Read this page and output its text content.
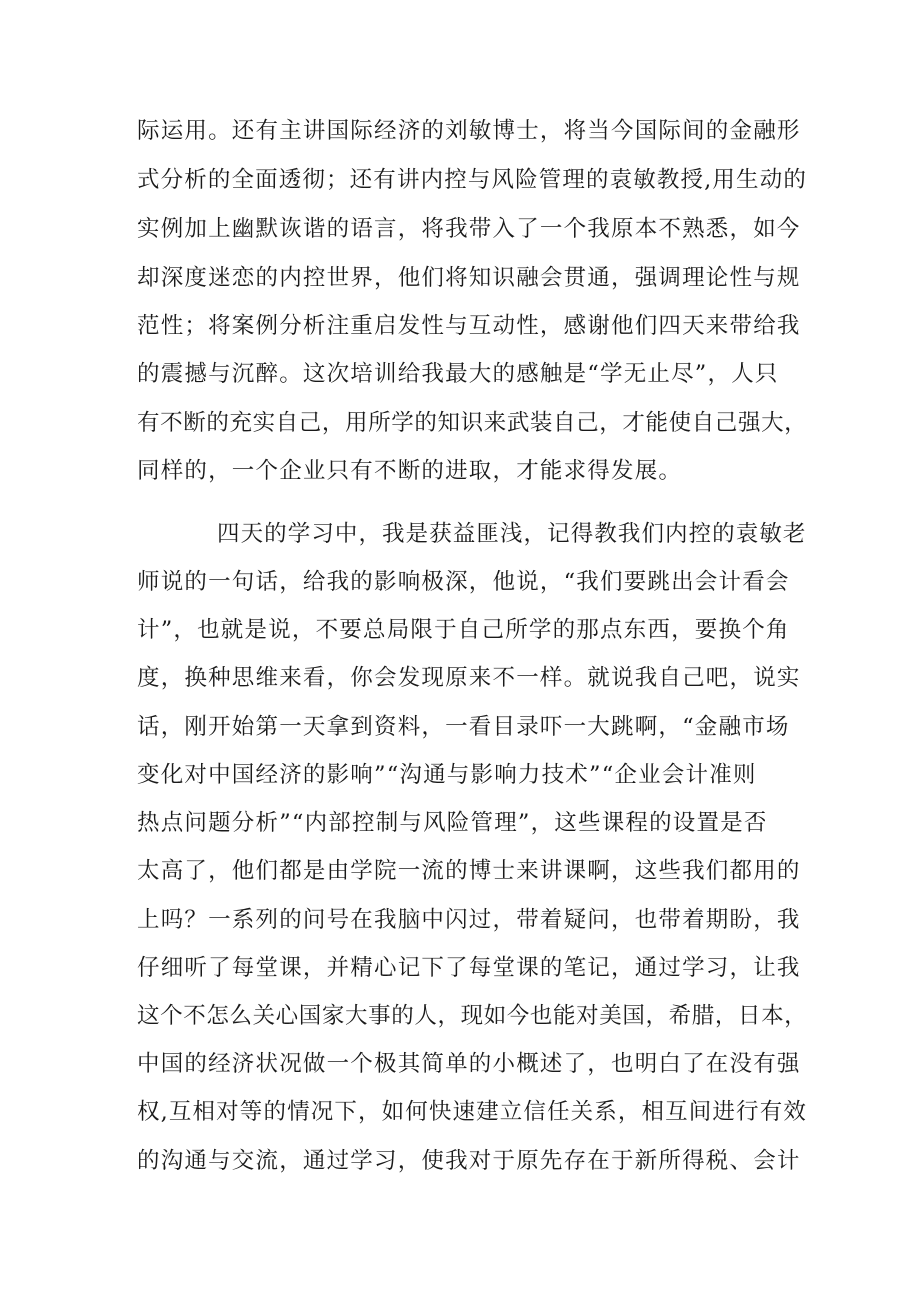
际运用。还有主讲国际经济的刘敏博士，将当今国际间的金融形
式分析的全面透彻；还有讲内控与风险管理的袁敏教授,用生动的
实例加上幽默诙谐的语言，将我带入了一个我原本不熟悉，如今
却深度迷恋的内控世界，他们将知识融会贯通，强调理论性与规
范性；将案例分析注重启发性与互动性，感谢他们四天来带给我
的震撼与沉醉。这次培训给我最大的感触是“学无止尽”，人只
有不断的充实自己，用所学的知识来武装自己，才能使自己强大，
同样的，一个企业只有不断的进取，才能求得发展。
四天的学习中，我是获益匪浅，记得教我们内控的袁敏老
师说的一句话，给我的影响极深，他说，“我们要跳出会计看会
计”，也就是说，不要总局限于自己所学的那点东西，要换个角
度，换种思维来看，你会发现原来不一样。就说我自己吧，说实
话，刚开始第一天拿到资料，一看目录吓一大跳啊，“金融市场
变化对中国经济的影响”“沟通与影响力技术”“企业会计准则
热点问题分析”“内部控制与风险管理”，这些课程的设置是否
太高了，他们都是由学院一流的博士来讲课啊，这些我们都用的
上吗？一系列的问号在我脑中闪过，带着疑问，也带着期盼，我
仔细听了每堂课，并精心记下了每堂课的笔记，通过学习，让我
这个不怎么关心国家大事的人，现如今也能对美国，希腊，日本，
中国的经济状况做一个极其简单的小概述了，也明白了在没有强
权,互相对等的情况下，如何快速建立信任关系，相互间进行有效
的沟通与交流，通过学习，使我对于原先存在于新所得税、会计
